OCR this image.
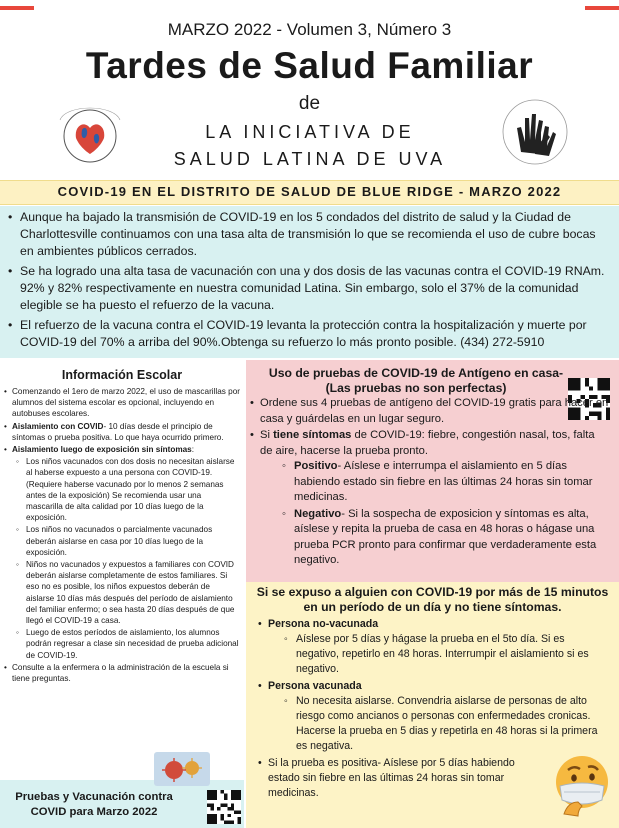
MARZO 2022 - Volumen 3, Número 3
Tardes de Salud Familiar
de
LA INICIATIVA DE
SALUD LATINA DE UVA
COVID-19 EN EL DISTRITO DE SALUD DE BLUE RIDGE - MARZO 2022
• Aunque ha bajado la transmisión de COVID-19 en los 5 condados del distrito de salud y la Ciudad de Charlottesville continuamos con una tasa alta de transmisión lo que se recomienda el uso de cubre bocas en ambientes públicos cerrados.
• Se ha logrado una alta tasa de vacunación con una y dos dosis de las vacunas contra el COVID-19 RNAm. 92% y 82% respectivamente en nuestra comunidad Latina. Sin embargo, solo el 37% de la comunidad elegible se ha puesto el refuerzo de la vacuna.
• El refuerzo de la vacuna contra el COVID-19 levanta la protección contra la hospitalización y muerte por COVID-19 del 70% a arriba del 90%.Obtenga su refuerzo lo más pronto posible. (434) 272-5910
Información Escolar
• Comenzando el 1ero de marzo 2022, el uso de mascarillas por alumnos del sistema escolar es opcional, incluyendo en autobuses escolares.
• Aislamiento con COVID- 10 días desde el principio de síntomas o prueba positiva. Lo que haya ocurrido primero.
• Aislamiento luego de exposición sin síntomas:
◦ Los niños vacunados con dos dosis no necesitan aislarse al haberse expuesto a una persona con COVID-19. (Requiere haberse vacunado por lo menos 2 semanas antes de la exposición) Se recomienda usar una mascarilla de alta calidad por 10 días luego de la exposición.
◦ Los niños no vacunados o parcialmente vacunados deberán aislarse en casa por 10 días luego de la exposición.
◦ Niños no vacunados y expuestos a familiares con COVID deberán aislarse completamente de estos familiares. Si eso no es posible, los niños expuestos deberán de aislarse 10 días más después del período de aislamiento del familiar enfermo; o sea hasta 20 días después de que llegó el COVID-19 a casa.
◦ Luego de estos períodos de aislamiento, los alumnos podrán regresar a clase sin necesidad de prueba adicional de COVID-19.
• Consulte a la enfermera o la administración de la escuela si tiene preguntas.
Pruebas y Vacunación contra COVID para Marzo 2022
Uso de pruebas de COVID-19 de Antígeno en casa-
(Las pruebas no son perfectas)
• Ordene sus 4 pruebas de antígeno del COVID-19 gratis para hacer en casa y guárdelas en un lugar seguro.
• Si tiene síntomas de COVID-19: fiebre, congestión nasal, tos, falta de aire, hacerse la prueba pronto.
◦ Positivo- Aíslese e interrumpa el aislamiento en 5 días habiendo estado sin fiebre en las últimas 24 horas sin tomar medicinas.
◦ Negativo- Si la sospecha de exposicion y síntomas es alta, aíslese y repita la prueba de casa en 48 horas o hágase una prueba PCR pronto para confirmar que verdaderamente esta negativo.
Si se expuso a alguien con COVID-19 por más de 15 minutos en un período de un día y no tiene síntomas.
• Persona no-vacunada
◦ Aíslese por 5 días y hágase la prueba en el 5to día. Si es negativo, repetirlo en 48 horas. Interrumpir el aislamiento si es negativo.
• Persona vacunada
◦ No necesita aislarse. Convendria aislarse de personas de alto riesgo como ancianos o personas con enfermedades cronicas. Hacerse la prueba en 5 dias y repetirla en 48 horas si la primera es negativa.
• Si la prueba es positiva- Aíslese por 5 días habiendo estado sin fiebre en las últimas 24 horas sin tomar medicinas.
